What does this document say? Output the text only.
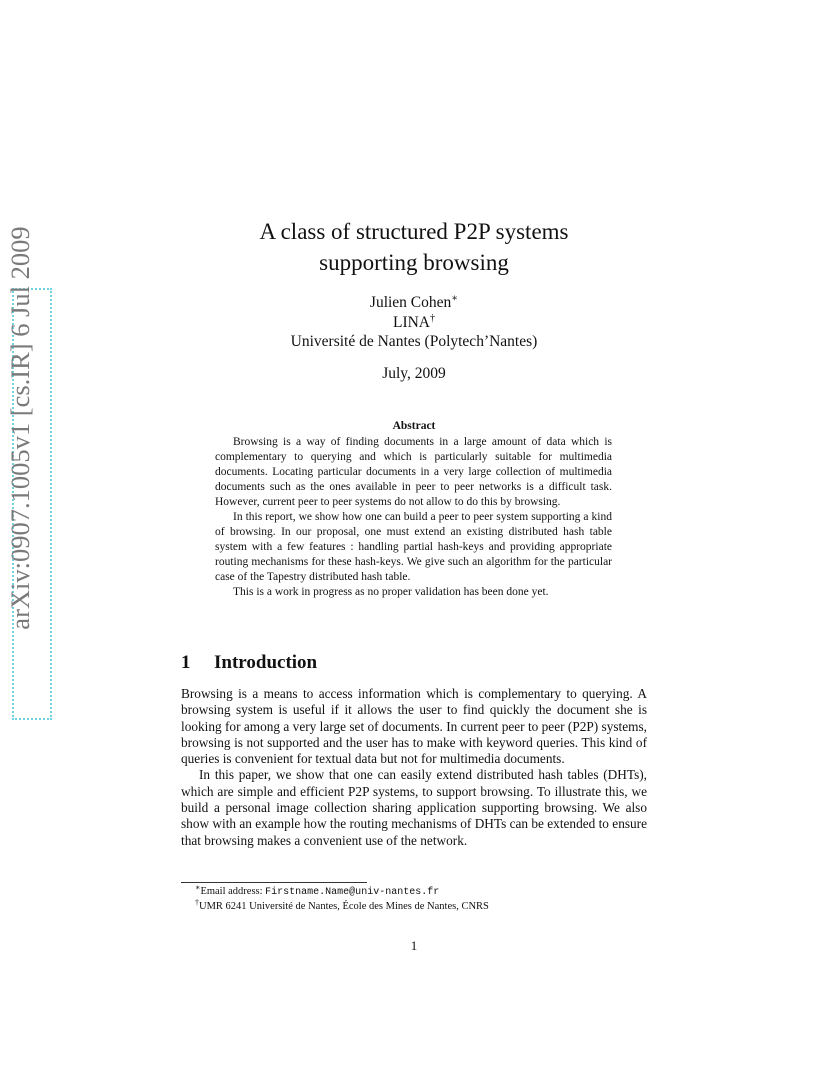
arXiv:0907.1005v1 [cs.IR] 6 Jul 2009	A class of structured P2P systems
supporting browsing
Julien Cohen∗
LINA†
Université de Nantes (Polytech’Nantes)
July, 2009
Abstract

Browsing is a way of finding documents in a large amount of data which is complementary to querying and which is particularly suitable for multimedia documents. Locating particular documents in a very large collection of multimedia documents such as the ones available in peer to peer networks is a difficult task. However, current peer to peer systems do not allow to do this by browsing.

In this report, we show how one can build a peer to peer system supporting a kind of browsing. In our proposal, one must extend an existing distributed hash table system with a few features : handling partial hash-keys and providing appropriate routing mechanisms for these hash-keys. We give such an algorithm for the particular case of the Tapestry distributed hash table.

This is a work in progress as no proper validation has been done yet.

1 Introduction

Browsing is a means to access information which is complementary to querying. A browsing system is useful if it allows the user to find quickly the document she is looking for among a very large set of documents. In current peer to peer (P2P) systems, browsing is not supported and the user has to make with keyword queries. This kind of queries is convenient for textual data but not for multimedia documents.

In this paper, we show that one can easily extend distributed hash tables (DHTs), which are simple and efficient P2P systems, to support browsing. To illustrate this, we build a personal image collection sharing application supporting browsing. We also show with an example how the routing mechanisms of DHTs can be extended to ensure that browsing makes a convenient use of the network.

∗Email address: Firstname.Name@univ-nantes.fr
†UMR 6241 Université de Nantes, École des Mines de Nantes, CNRS
1
